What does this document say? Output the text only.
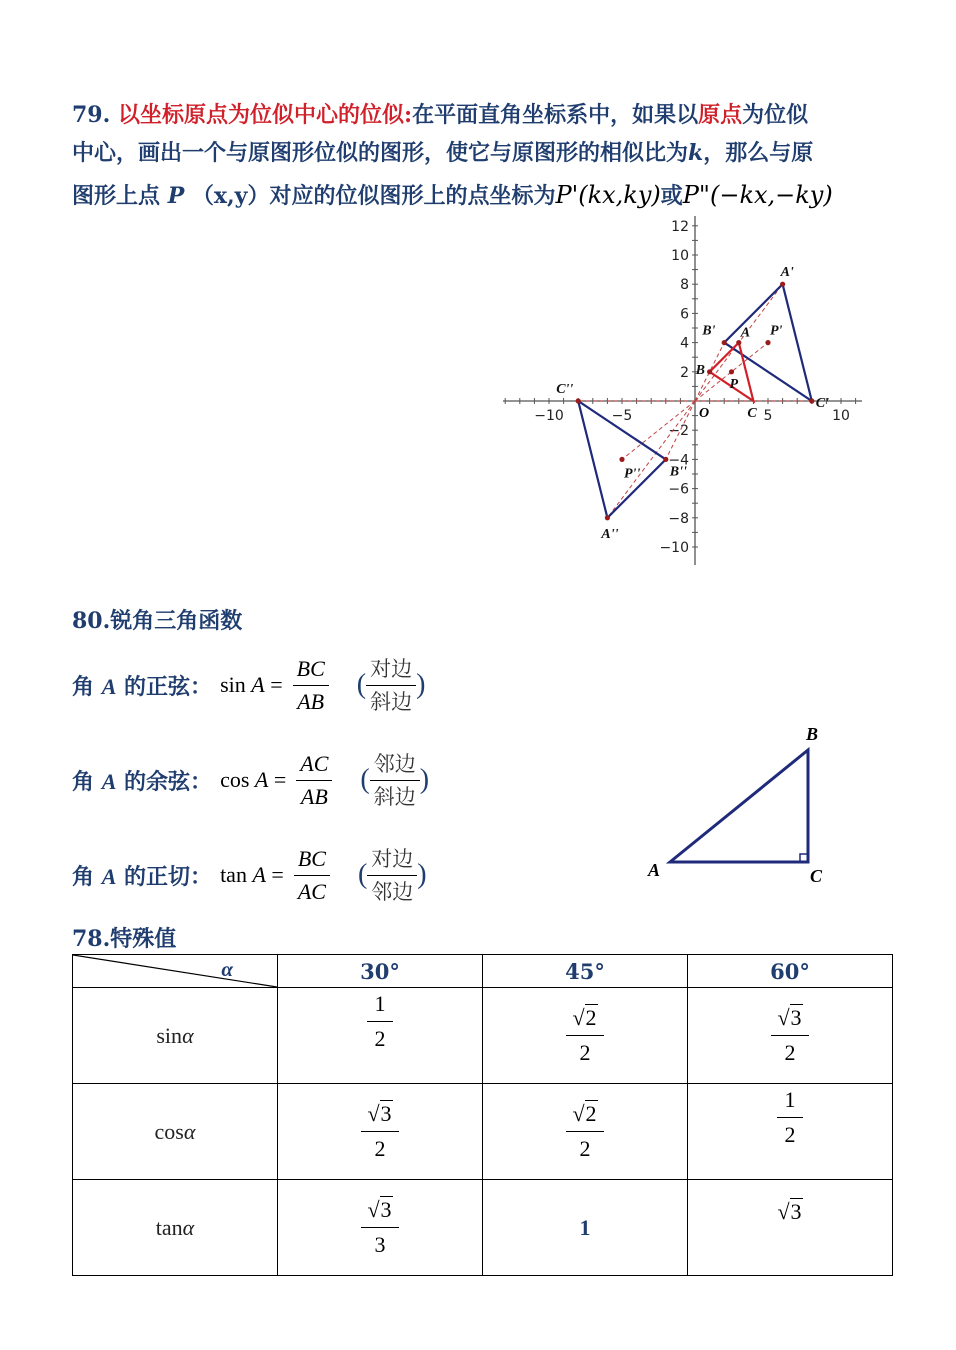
79. 以坐标原点为位似中心的位似:在平面直角坐标系中，如果以原点为位似
中心，画出一个与原图形位似的图形，使它与原图形的相似比为k，那么与原
图形上点 P （x,y）对应的位似图形上的点坐标为P'(kx,ky)或P"(−kx,−ky)
−10	−5	5	10
12
10
8
6
4
2
−2
−4
−6
−8
−10
O
A
B
C
P
A'
B'
C'
P'
A''
B''
C''
P''
80.锐角三角函数
角 A 的正弦： $\sin A = \frac{BC}{AB}$ ( $\frac{\text{对边}}{\text{斜边}}$ )
角 A 的余弦： $\cos A = \frac{AC}{AB}$ ( $\frac{\text{邻边}}{\text{斜边}}$ )
角 A 的正切： $\tan A = \frac{BC}{AC}$ ( $\frac{\text{对边}}{\text{邻边}}$ )	A
B
C
78.特殊值
α	30°	45°	60°
sinα	$\frac{1}{2}$	$\frac{√2}{2}$	$\frac{√3}{2}$

cosα	$\frac{√3}{2}$	$\frac{√2}{2}$	$\frac{1}{2}$

tanα	$\frac{√3}{3}$	1	√3
